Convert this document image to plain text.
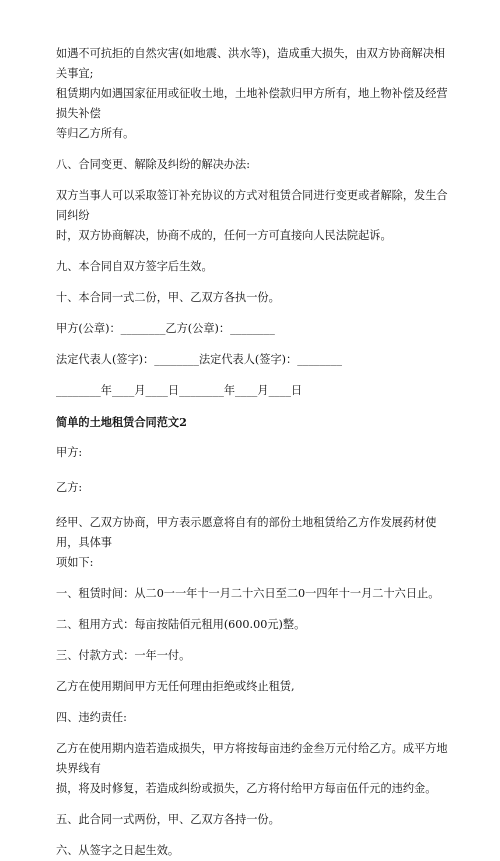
如遇不可抗拒的自然灾害(如地震、洪水等)，造成重大损失，由双方协商解决相关事宜;
租赁期内如遇国家征用或征收土地，土地补偿款归甲方所有，地上物补偿及经营损失补偿
等归乙方所有。

八、合同变更、解除及纠纷的解决办法:

双方当事人可以采取签订补充协议的方式对租赁合同进行变更或者解除，发生合同纠纷
时，双方协商解决，协商不成的，任何一方可直接向人民法院起诉。

九、本合同自双方签字后生效。

十、本合同一式二份，甲、乙双方各执一份。

甲方(公章)：________乙方(公章)：________

法定代表人(签字)：________法定代表人(签字)：________

________年____月____日________年____月____日

简单的土地租赁合同范文2

甲方:

乙方:

经甲、乙双方协商，甲方表示愿意将自有的部份土地租赁给乙方作发展药材使用，具体事
项如下:

一、租赁时间：从二0一一年十一月二十六日至二0一四年十一月二十六日止。

二、租用方式：每亩按陆佰元租用(600.00元)整。

三、付款方式：一年一付。

乙方在使用期间甲方无任何理由拒绝或终止租赁,

四、违约责任:

乙方在使用期内造若造成损失，甲方将按每亩违约金叁万元付给乙方。成平方地块界线有
损，将及时修复，若造成纠纷或损失，乙方将付给甲方每亩伍仟元的违约金。

五、此合同一式两份，甲、乙双方各持一份。

六、从签字之日起生效。
